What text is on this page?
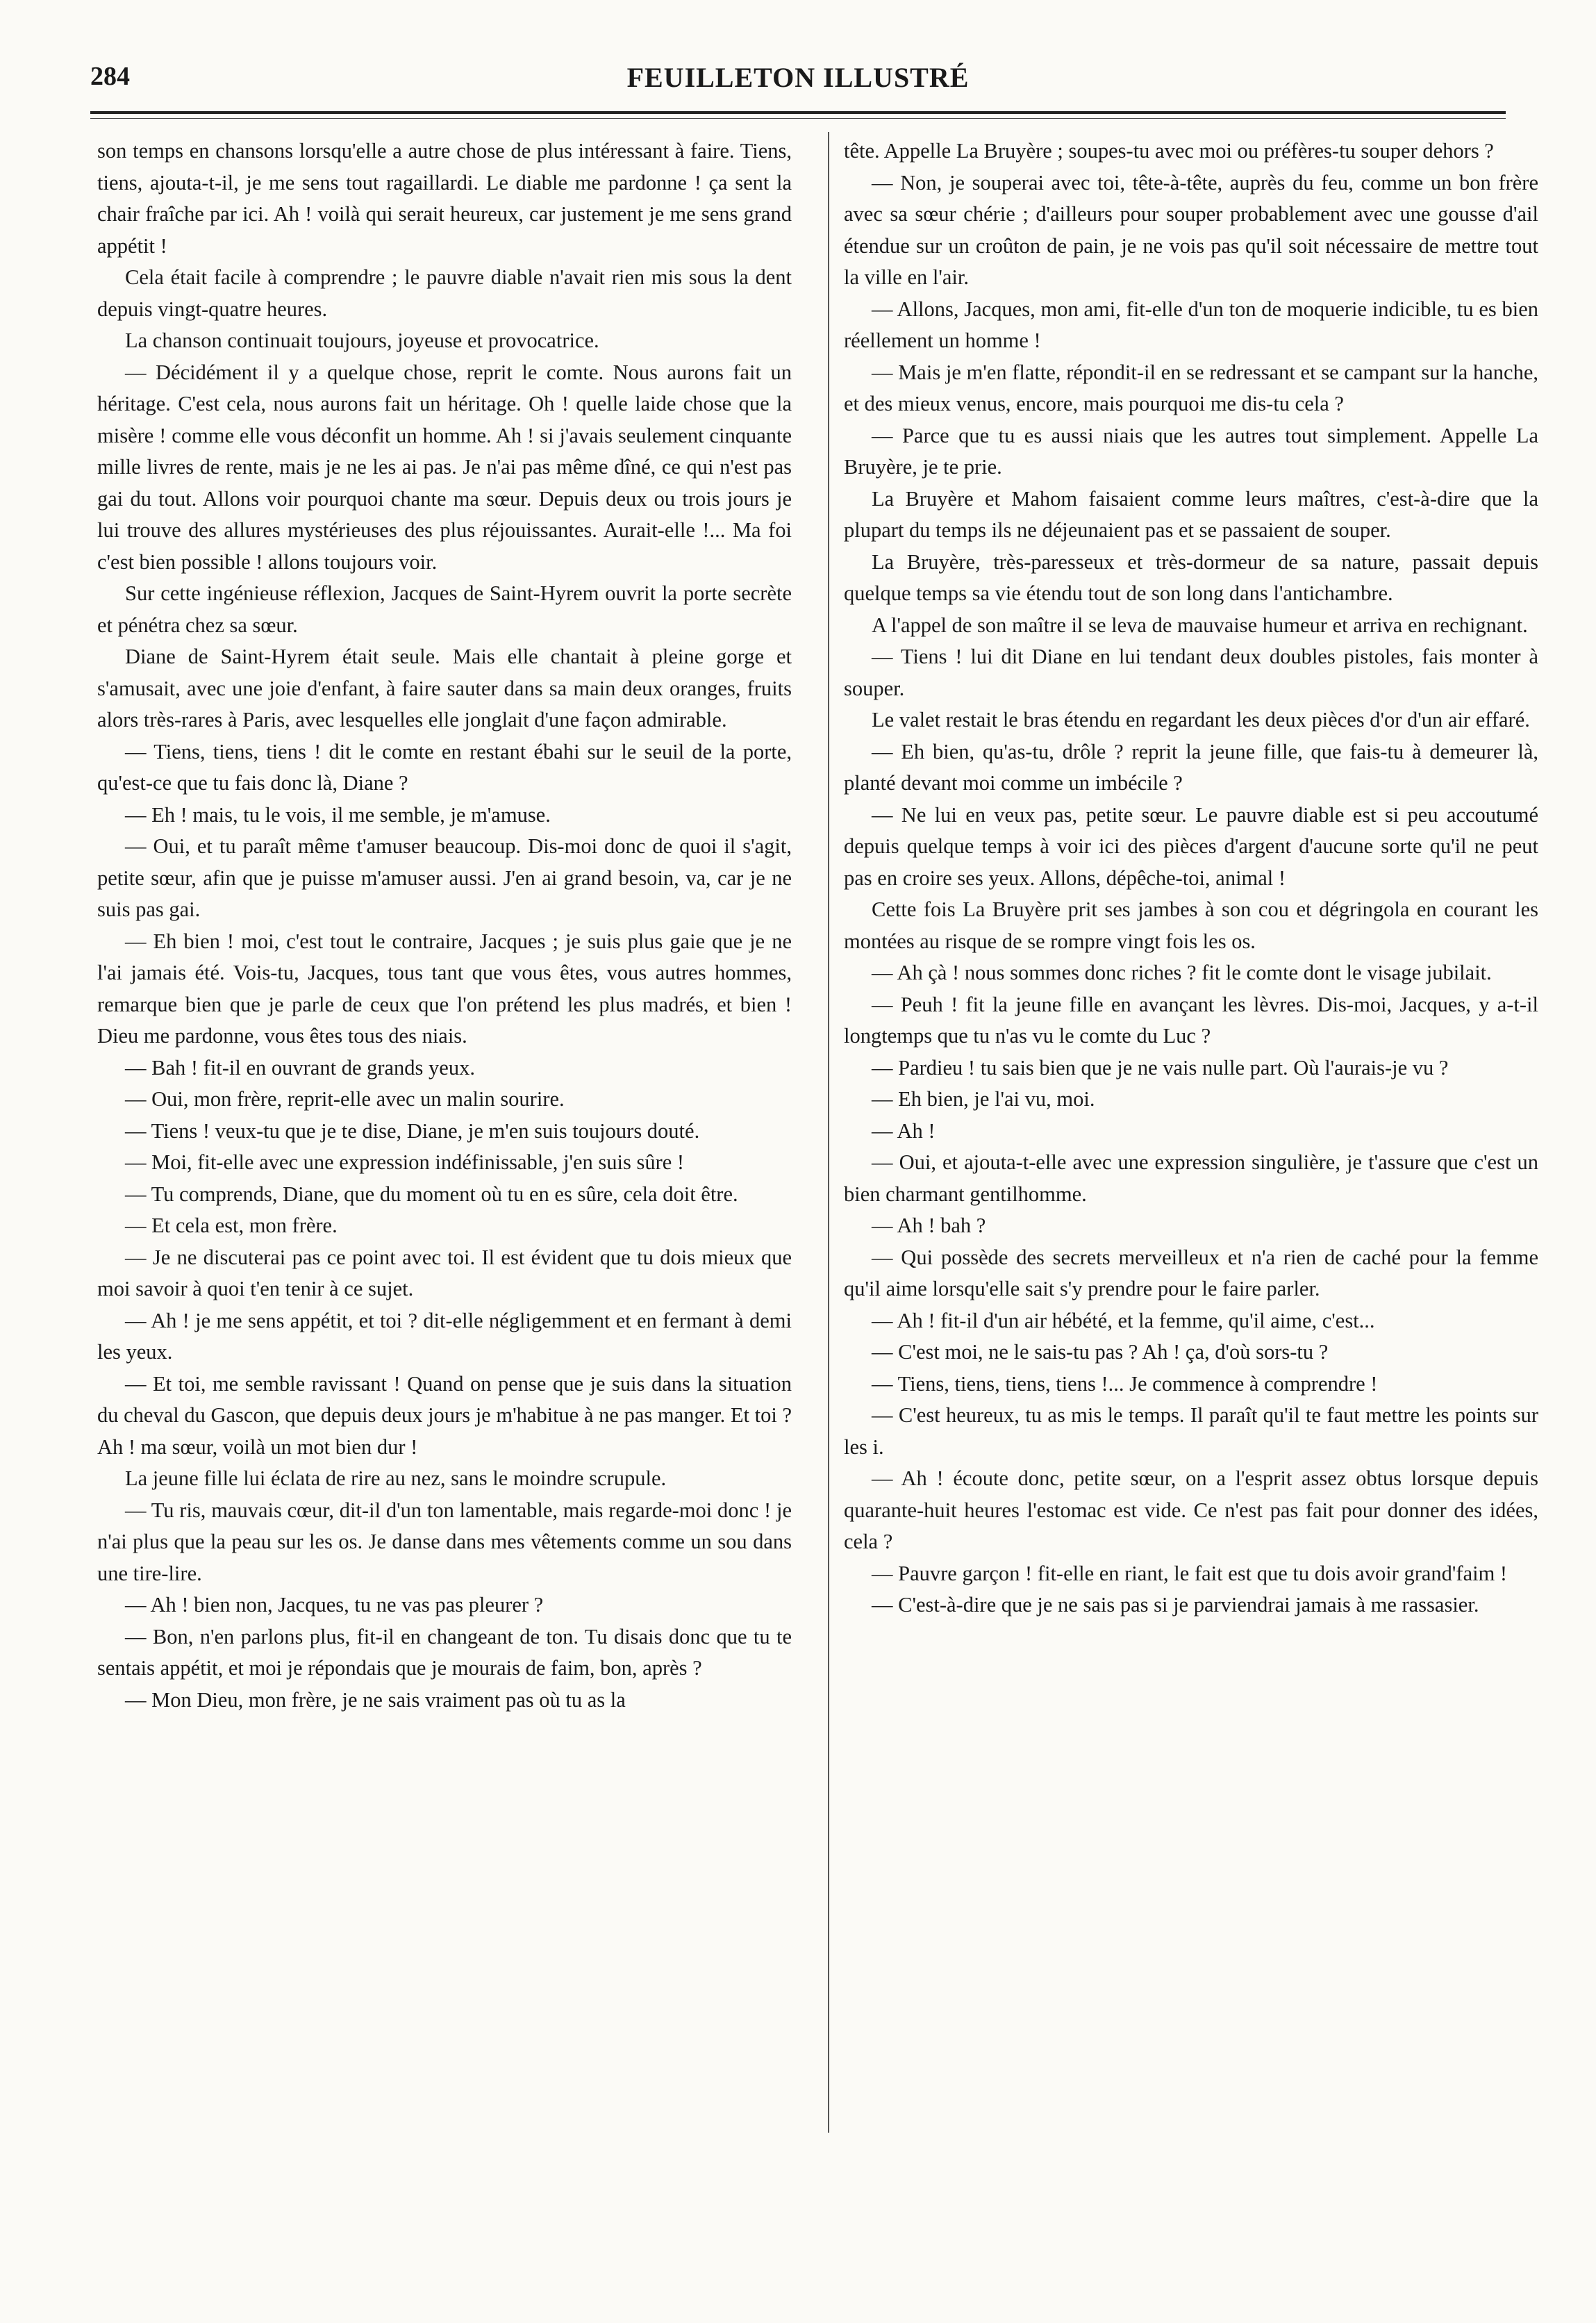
284	FEUILLETON ILLUSTRÉ

son temps en chansons lorsqu'elle a autre chose de plus intéressant à faire. Tiens, tiens, ajouta-t-il, je me sens tout ragaillardi. Le diable me pardonne ! ça sent la chair fraîche par ici. Ah ! voilà qui serait heureux, car justement je me sens grand appétit !

Cela était facile à comprendre ; le pauvre diable n'avait rien mis sous la dent depuis vingt-quatre heures.

La chanson continuait toujours, joyeuse et provocatrice.

— Décidément il y a quelque chose, reprit le comte. Nous aurons fait un héritage. C'est cela, nous aurons fait un héritage. Oh ! quelle laide chose que la misère ! comme elle vous déconfit un homme. Ah ! si j'avais seulement cinquante mille livres de rente, mais je ne les ai pas. Je n'ai pas même dîné, ce qui n'est pas gai du tout. Allons voir pourquoi chante ma sœur. Depuis deux ou trois jours je lui trouve des allures mystérieuses des plus réjouissantes. Aurait-elle !... Ma foi c'est bien possible ! allons toujours voir.

Sur cette ingénieuse réflexion, Jacques de Saint-Hyrem ouvrit la porte secrète et pénétra chez sa sœur.

Diane de Saint-Hyrem était seule. Mais elle chantait à pleine gorge et s'amusait, avec une joie d'enfant, à faire sauter dans sa main deux oranges, fruits alors très-rares à Paris, avec lesquelles elle jonglait d'une façon admirable.

— Tiens, tiens, tiens ! dit le comte en restant ébahi sur le seuil de la porte, qu'est-ce que tu fais donc là, Diane ?

— Eh ! mais, tu le vois, il me semble, je m'amuse.

— Oui, et tu paraît même t'amuser beaucoup. Dis-moi donc de quoi il s'agit, petite sœur, afin que je puisse m'amuser aussi. J'en ai grand besoin, va, car je ne suis pas gai.

— Eh bien ! moi, c'est tout le contraire, Jacques ; je suis plus gaie que je ne l'ai jamais été. Vois-tu, Jacques, tous tant que vous êtes, vous autres hommes, remarque bien que je parle de ceux que l'on prétend les plus madrés, et bien ! Dieu me pardonne, vous êtes tous des niais.

— Bah ! fit-il en ouvrant de grands yeux.

— Oui, mon frère, reprit-elle avec un malin sourire.

— Tiens ! veux-tu que je te dise, Diane, je m'en suis toujours douté.

— Moi, fit-elle avec une expression indéfinissable, j'en suis sûre !

— Tu comprends, Diane, que du moment où tu en es sûre, cela doit être.

— Et cela est, mon frère.

— Je ne discuterai pas ce point avec toi. Il est évident que tu dois mieux que moi savoir à quoi t'en tenir à ce sujet.

— Ah ! je me sens appétit, et toi ? dit-elle négligemment et en fermant à demi les yeux.

— Et toi, me semble ravissant ! Quand on pense que je suis dans la situation du cheval du Gascon, que depuis deux jours je m'habitue à ne pas manger. Et toi ? Ah ! ma sœur, voilà un mot bien dur !

La jeune fille lui éclata de rire au nez, sans le moindre scrupule.

— Tu ris, mauvais cœur, dit-il d'un ton lamentable, mais regarde-moi donc ! je n'ai plus que la peau sur les os. Je danse dans mes vêtements comme un sou dans une tire-lire.

— Ah ! bien non, Jacques, tu ne vas pas pleurer ?

— Bon, n'en parlons plus, fit-il en changeant de ton. Tu disais donc que tu te sentais appétit, et moi je répondais que je mourais de faim, bon, après ?

— Mon Dieu, mon frère, je ne sais vraiment pas où tu as la

tête. Appelle La Bruyère ; soupes-tu avec moi ou préfères-tu souper dehors ?

— Non, je souperai avec toi, tête-à-tête, auprès du feu, comme un bon frère avec sa sœur chérie ; d'ailleurs pour souper probablement avec une gousse d'ail étendue sur un croûton de pain, je ne vois pas qu'il soit nécessaire de mettre tout la ville en l'air.

— Allons, Jacques, mon ami, fit-elle d'un ton de moquerie indicible, tu es bien réellement un homme !

— Mais je m'en flatte, répondit-il en se redressant et se campant sur la hanche, et des mieux venus, encore, mais pourquoi me dis-tu cela ?

— Parce que tu es aussi niais que les autres tout simplement. Appelle La Bruyère, je te prie.

La Bruyère et Mahom faisaient comme leurs maîtres, c'est-à-dire que la plupart du temps ils ne déjeunaient pas et se passaient de souper.

La Bruyère, très-paresseux et très-dormeur de sa nature, passait depuis quelque temps sa vie étendu tout de son long dans l'antichambre.

A l'appel de son maître il se leva de mauvaise humeur et arriva en rechignant.

— Tiens ! lui dit Diane en lui tendant deux doubles pistoles, fais monter à souper.

Le valet restait le bras étendu en regardant les deux pièces d'or d'un air effaré.

— Eh bien, qu'as-tu, drôle ? reprit la jeune fille, que fais-tu à demeurer là, planté devant moi comme un imbécile ?

— Ne lui en veux pas, petite sœur. Le pauvre diable est si peu accoutumé depuis quelque temps à voir ici des pièces d'argent d'aucune sorte qu'il ne peut pas en croire ses yeux. Allons, dépêche-toi, animal !

Cette fois La Bruyère prit ses jambes à son cou et dégringola en courant les montées au risque de se rompre vingt fois les os.

— Ah çà ! nous sommes donc riches ? fit le comte dont le visage jubilait.

— Peuh ! fit la jeune fille en avançant les lèvres. Dis-moi, Jacques, y a-t-il longtemps que tu n'as vu le comte du Luc ?

— Pardieu ! tu sais bien que je ne vais nulle part. Où l'aurais-je vu ?

— Eh bien, je l'ai vu, moi.

— Ah !

— Oui, et ajouta-t-elle avec une expression singulière, je t'assure que c'est un bien charmant gentilhomme.

— Ah ! bah ?

— Qui possède des secrets merveilleux et n'a rien de caché pour la femme qu'il aime lorsqu'elle sait s'y prendre pour le faire parler.

— Ah ! fit-il d'un air hébété, et la femme, qu'il aime, c'est...

— C'est moi, ne le sais-tu pas ? Ah ! ça, d'où sors-tu ?

— Tiens, tiens, tiens, tiens !... Je commence à comprendre !

— C'est heureux, tu as mis le temps. Il paraît qu'il te faut mettre les points sur les i.

— Ah ! écoute donc, petite sœur, on a l'esprit assez obtus lorsque depuis quarante-huit heures l'estomac est vide. Ce n'est pas fait pour donner des idées, cela ?

— Pauvre garçon ! fit-elle en riant, le fait est que tu dois avoir grand'faim !

— C'est-à-dire que je ne sais pas si je parviendrai jamais à me rassasier.
